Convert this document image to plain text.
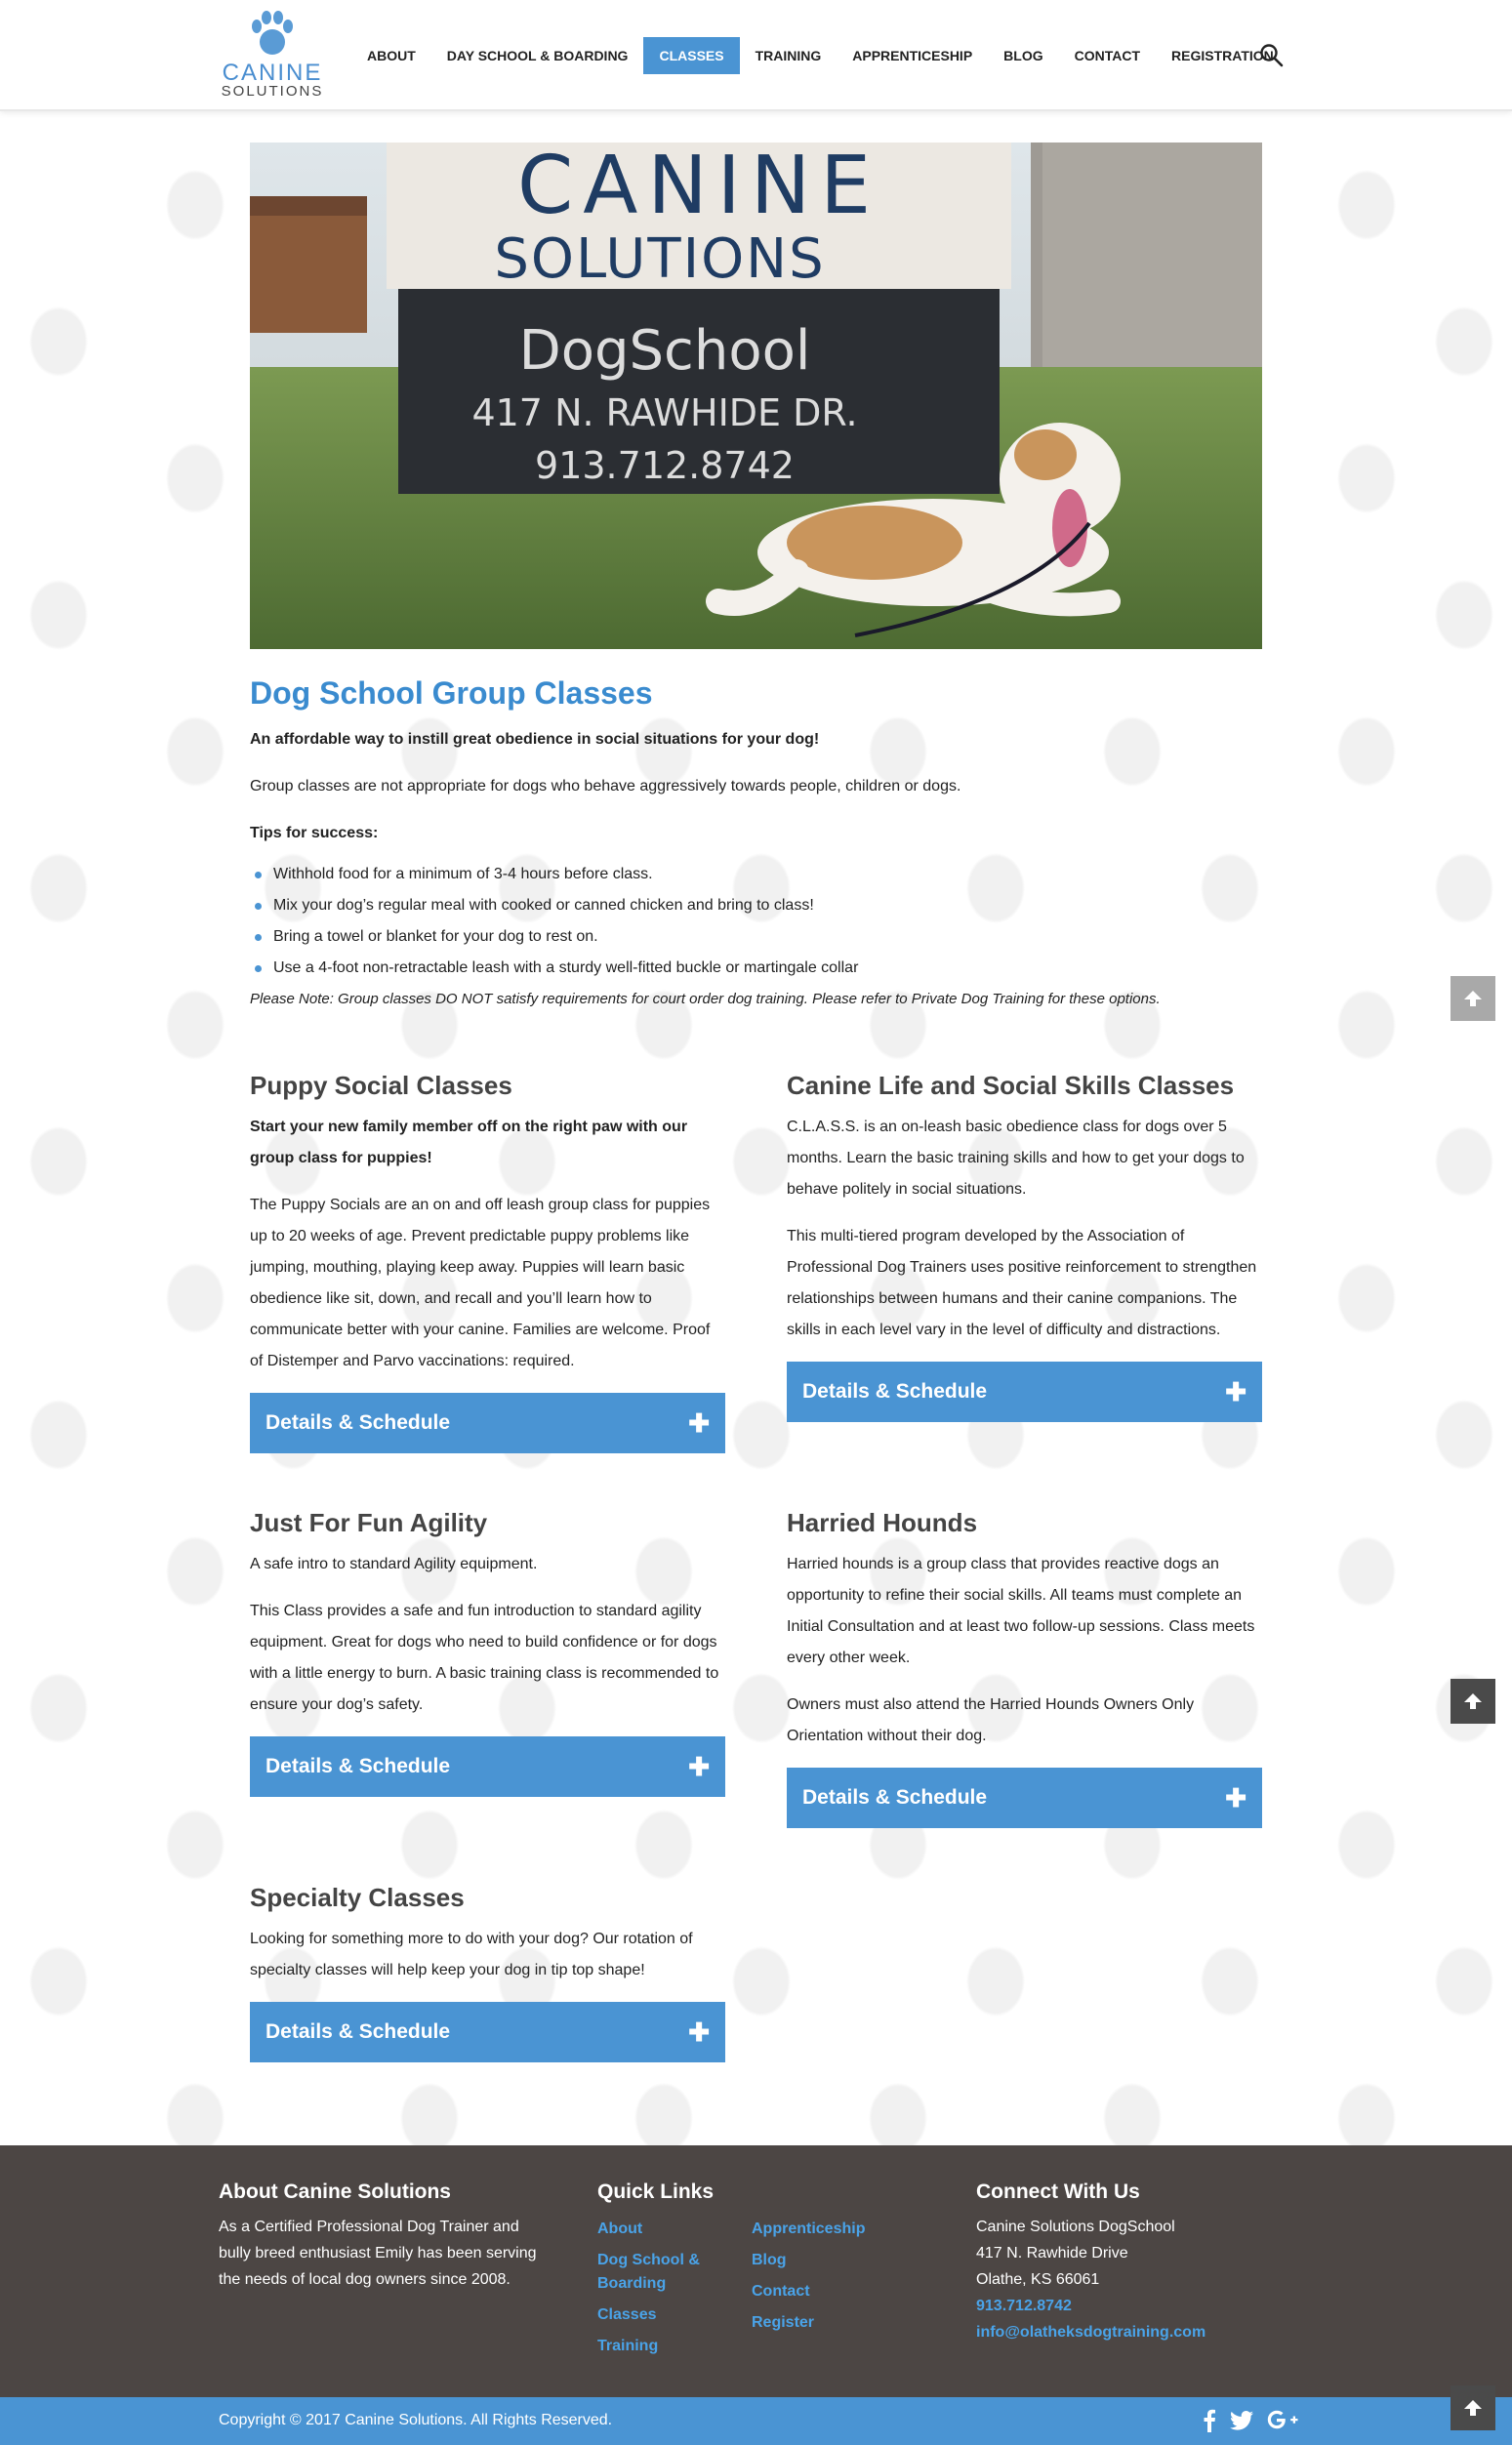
CANINE
SOLUTIONS
ABOUT	DAY SCHOOL & BOARDING	CLASSES	TRAINING	APPRENTICESHIP	BLOG	CONTACT	REGISTRATION
CANINE
SOLUTIONS
DogSchool
417 N. RAWHIDE DR.
913.712.8742
Dog School Group Classes

An affordable way to instill great obedience in social situations for your dog!

Group classes are not appropriate for dogs who behave aggressively towards people, children or dogs.

Tips for success:

Withhold food for a minimum of 3-4 hours before class.
Mix your dog’s regular meal with cooked or canned chicken and bring to class!
Bring a towel or blanket for your dog to rest on.
Use a 4-foot non-retractable leash with a sturdy well-fitted buckle or martingale collar

Please Note: Group classes DO NOT satisfy requirements for court order dog training. Please refer to Private Dog Training for these options.

Puppy Social Classes

Start your new family member off on the right paw with our group class for puppies!

The Puppy Socials are an on and off leash group class for puppies up to 20 weeks of age. Prevent predictable puppy problems like jumping, mouthing, playing keep away. Puppies will learn basic obedience like sit, down, and recall and you’ll learn how to communicate better with your canine. Families are welcome. Proof of Distemper and Parvo vaccinations: required.

Details & Schedule	✚
Canine Life and Social Skills Classes

C.L.A.S.S. is an on-leash basic obedience class for dogs over 5 months. Learn the basic training skills and how to get your dogs to behave politely in social situations.

This multi-tiered program developed by the Association of Professional Dog Trainers uses positive reinforcement to strengthen relationships between humans and their canine companions. The skills in each level vary in the level of difficulty and distractions.

Details & Schedule	✚
Just For Fun Agility

A safe intro to standard Agility equipment.

This Class provides a safe and fun introduction to standard agility equipment. Great for dogs who need to build confidence or for dogs with a little energy to burn. A basic training class is recommended to ensure your dog’s safety.

Details & Schedule	✚
Harried Hounds

Harried hounds is a group class that provides reactive dogs an opportunity to refine their social skills. All teams must complete an Initial Consultation and at least two follow-up sessions. Class meets every other week.

Owners must also attend the Harried Hounds Owners Only Orientation without their dog.

Details & Schedule	✚
Specialty Classes

Looking for something more to do with your dog? Our rotation of specialty classes will help keep your dog in tip top shape!

Details & Schedule	✚
About Canine Solutions

As a Certified Professional Dog Trainer and bully breed enthusiast Emily has been serving the needs of local dog owners since 2008.

Quick Links
About
Dog School & Boarding
Classes
Training
Apprenticeship
Blog
Contact
Register
Connect With Us

Canine Solutions DogSchool

417 N. Rawhide Drive

Olathe, KS 66061

913.712.8742
info@olatheksdogtraining.com
Copyright © 2017 Canine Solutions. All Rights Reserved.
